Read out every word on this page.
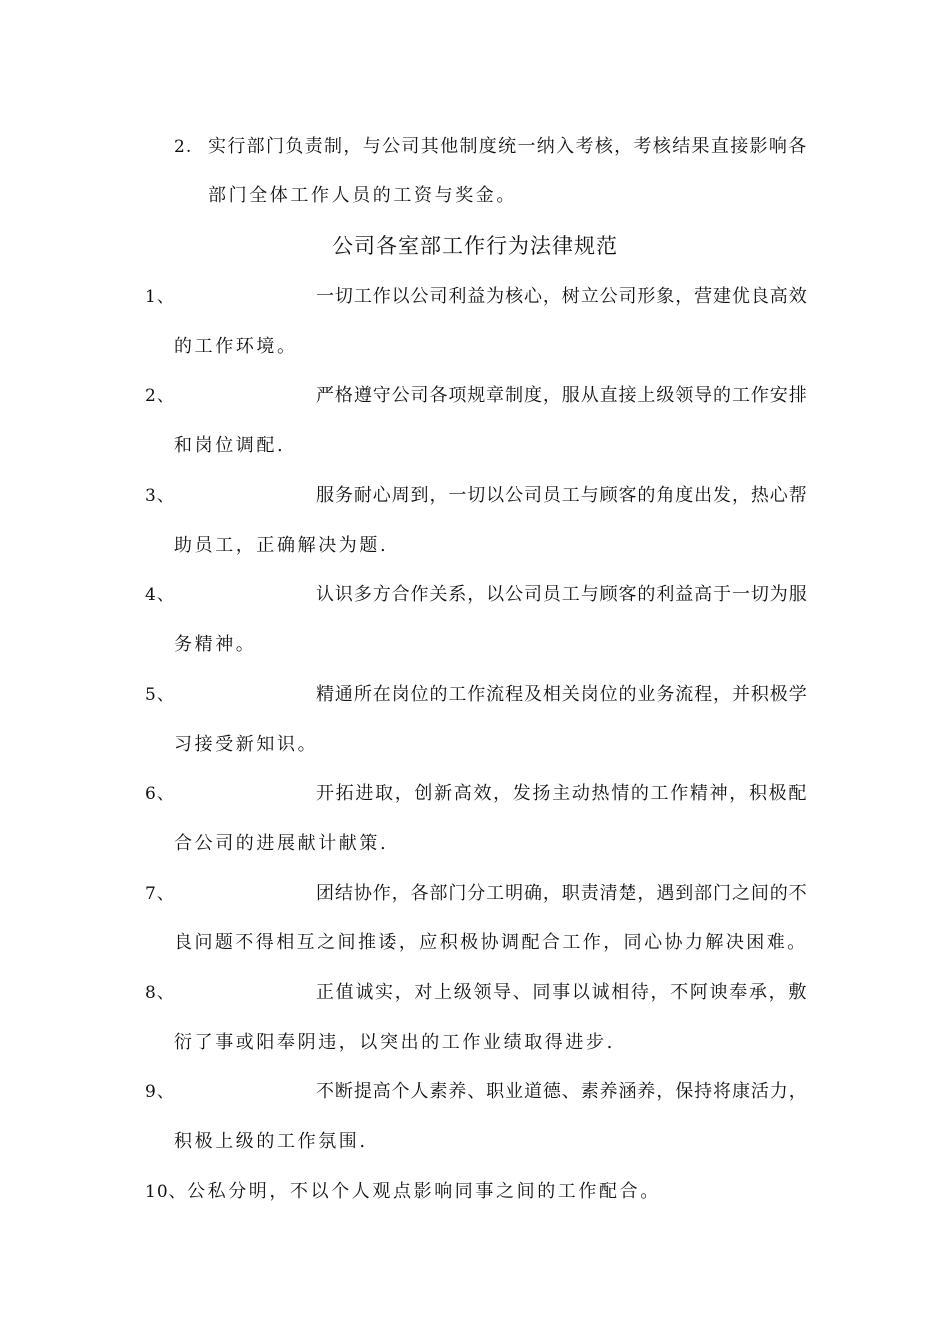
2. 实行部门负责制，与公司其他制度统一纳入考核，考核结果直接影响各
部门全体工作人员的工资与奖金。
公司各室部工作行为法律规范
1、	一切工作以公司利益为核心，树立公司形象，营建优良高效
的工作环境。
2、	严格遵守公司各项规章制度，服从直接上级领导的工作安排
和岗位调配.
3、	服务耐心周到，一切以公司员工与顾客的角度出发，热心帮
助员工，正确解决为题.
4、	认识多方合作关系，以公司员工与顾客的利益高于一切为服
务精神。
5、	精通所在岗位的工作流程及相关岗位的业务流程，并积极学
习接受新知识。
6、	开拓进取，创新高效，发扬主动热情的工作精神，积极配
合公司的进展献计献策.
7、	团结协作，各部门分工明确，职责清楚，遇到部门之间的不
良问题不得相互之间推诿，应积极协调配合工作，同心协力解决困难。
8、	正值诚实，对上级领导、同事以诚相待，不阿谀奉承，敷
衍了事或阳奉阴违，以突出的工作业绩取得进步.
9、	不断提高个人素养、职业道德、素养涵养，保持将康活力，
积极上级的工作氛围.
10、 公私分明，不以个人观点影响同事之间的工作配合。
